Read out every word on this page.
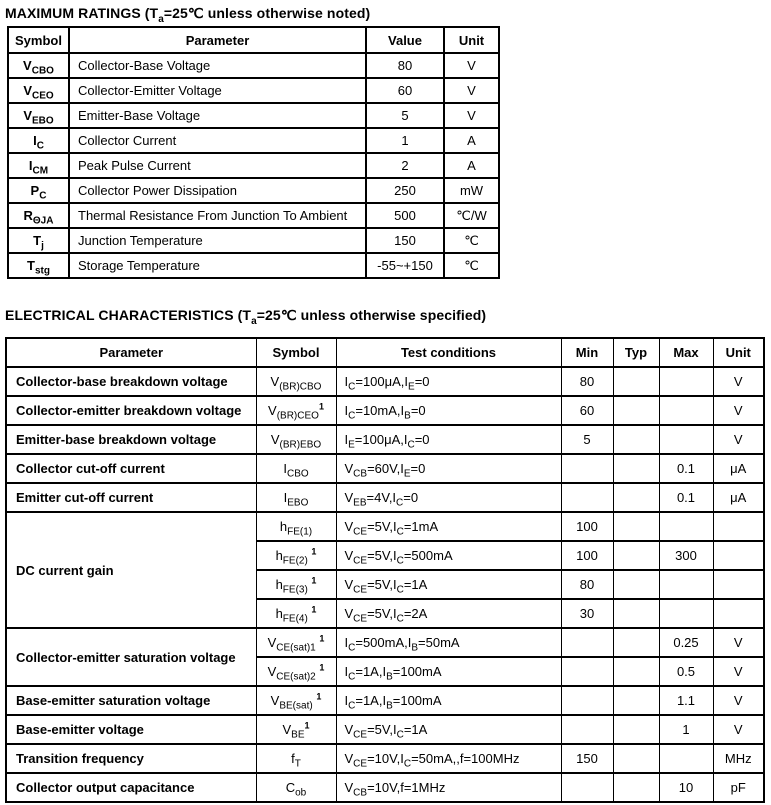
MAXIMUM RATINGS ($T_a=25℃$ unless otherwise noted)
Symbol	Parameter	Value	Unit
$V_{CBO}$	Collector-Base Voltage	80	V
$V_{CEO}$	Collector-Emitter Voltage	60	V
$V_{EBO}$	Emitter-Base Voltage	5	V
$I_C$	Collector Current	1	A
$I_{CM}$	Peak Pulse Current	2	A
$P_C$	Collector Power Dissipation	250	mW
$R_{\Theta JA}$	Thermal Resistance From Junction To Ambient	500	℃/W
$T_j$	Junction Temperature	150	℃
$T_{stg}$	Storage Temperature	-55~+150	℃
ELECTRICAL CHARACTERISTICS ($T_a=25℃$ unless otherwise specified)
Parameter	Symbol	Test conditions	Min	Typ	Max	Unit
Collector-base breakdown voltage	$V_{(BR)CBO}$	$I_C=100\mu A,I_E=0$	80			V
Collector-emitter breakdown voltage	$V_{(BR)CEO}^1$	$I_C=10mA,I_B=0$	60			V
Emitter-base breakdown voltage	$V_{(BR)EBO}$	$I_E=100\mu A,I_C=0$	5			V
Collector cut-off current	$I_{CBO}$	$V_{CB}=60V,I_E=0$			0.1	μA
Emitter cut-off current	$I_{EBO}$	$V_{EB}=4V,I_C=0$			0.1	μA
DC current gain	$h_{FE(1)}$	$V_{CE}=5V,I_C=1mA$	100			
	$h_{FE(2)}$ $^1$	$V_{CE}=5V,I_C=500mA$	100		300	
	$h_{FE(3)}$ $^1$	$V_{CE}=5V,I_C=1A$	80			
	$h_{FE(4)}$ $^1$	$V_{CE}=5V,I_C=2A$	30			
Collector-emitter saturation voltage	$V_{CE(sat)1}$ $^1$	$I_C=500mA,I_B=50mA$			0.25	V
	$V_{CE(sat)2}$ $^1$	$I_C=1A,I_B=100mA$			0.5	V
Base-emitter saturation voltage	$V_{BE(sat)}$ $^1$	$I_C=1A,I_B=100mA$			1.1	V
Base-emitter voltage	$V_{BE}^1$	$V_{CE}=5V,I_C=1A$			1	V
Transition frequency	$f_T$	$V_{CE}=10V,I_C=50mA,,f=100MHz$	150			MHz
Collector output capacitance	$C_{ob}$	$V_{CB}=10V,f=1MHz$			10	pF
